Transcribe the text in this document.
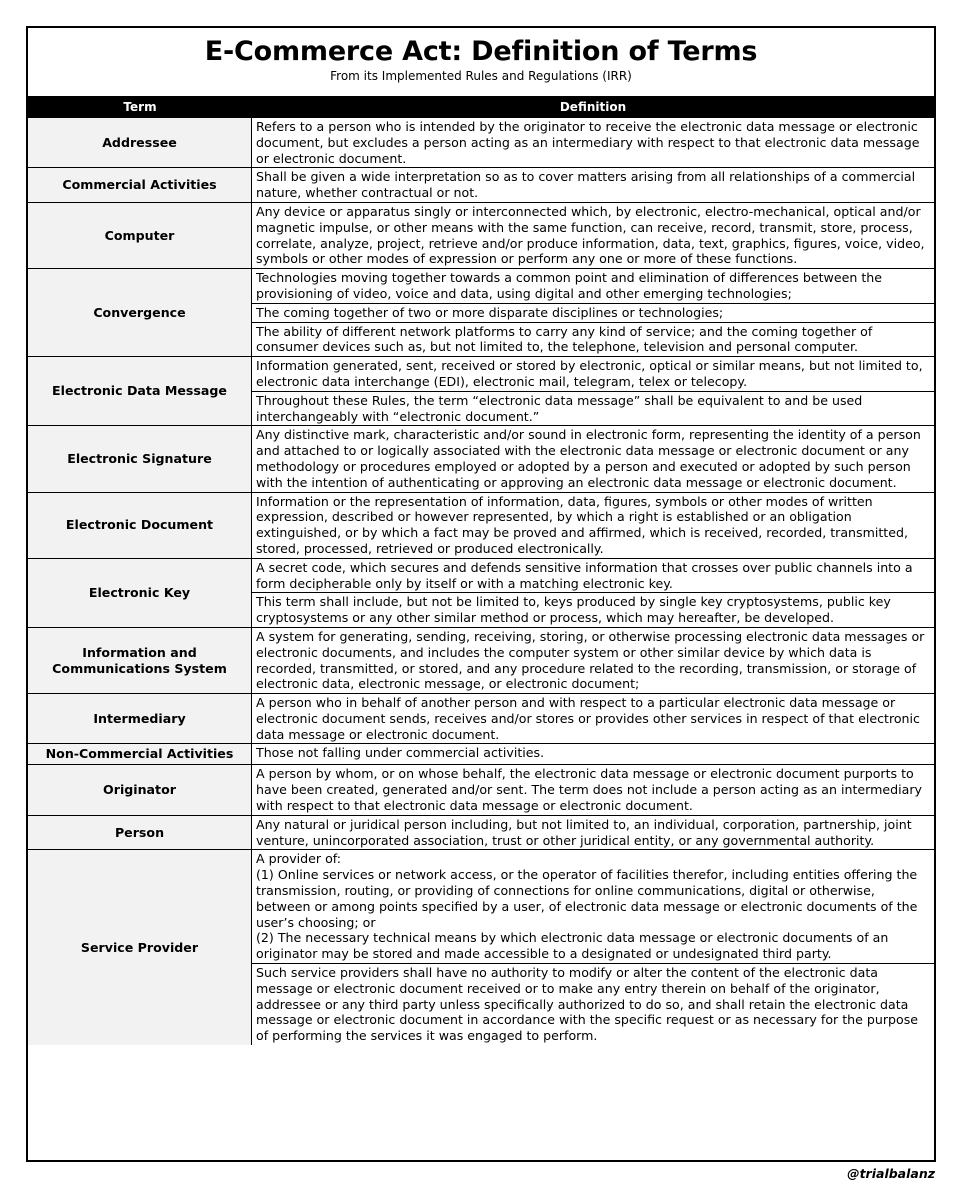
E-Commerce Act: Definition of Terms
From its Implemented Rules and Regulations (IRR)
Term	Definition
Addressee
Refers to a person who is intended by the originator to receive the electronic data message or electronic document, but excludes a person acting as an intermediary with respect to that electronic data message or electronic document.
Commercial Activities
Shall be given a wide interpretation so as to cover matters arising from all relationships of a commercial nature, whether contractual or not.
Computer
Any device or apparatus singly or interconnected which, by electronic, electro-mechanical, optical and/or magnetic impulse, or other means with the same function, can receive, record, transmit, store, process, correlate, analyze, project, retrieve and/or produce information, data, text, graphics, figures, voice, video, symbols or other modes of expression or perform any one or more of these functions.
Convergence
Technologies moving together towards a common point and elimination of differences between the provisioning of video, voice and data, using digital and other emerging technologies;
The coming together of two or more disparate disciplines or technologies;
The ability of different network platforms to carry any kind of service; and the coming together of consumer devices such as, but not limited to, the telephone, television and personal computer.
Electronic Data Message
Information generated, sent, received or stored by electronic, optical or similar means, but not limited to, electronic data interchange (EDI), electronic mail, telegram, telex or telecopy.
Throughout these Rules, the term “electronic data message” shall be equivalent to and be used interchangeably with “electronic document.”
Electronic Signature
Any distinctive mark, characteristic and/or sound in electronic form, representing the identity of a person and attached to or logically associated with the electronic data message or electronic document or any methodology or procedures employed or adopted by a person and executed or adopted by such person with the intention of authenticating or approving an electronic data message or electronic document.
Electronic Document
Information or the representation of information, data, figures, symbols or other modes of written expression, described or however represented, by which a right is established or an obligation extinguished, or by which a fact may be proved and affirmed, which is received, recorded, transmitted, stored, processed, retrieved or produced electronically.
Electronic Key
A secret code, which secures and defends sensitive information that crosses over public channels into a form decipherable only by itself or with a matching electronic key.
This term shall include, but not be limited to, keys produced by single key cryptosystems, public key cryptosystems or any other similar method or process, which may hereafter, be developed.
Information and Communications System
A system for generating, sending, receiving, storing, or otherwise processing electronic data messages or electronic documents, and includes the computer system or other similar device by which data is recorded, transmitted, or stored, and any procedure related to the recording, transmission, or storage of electronic data, electronic message, or electronic document;
Intermediary
A person who in behalf of another person and with respect to a particular electronic data message or electronic document sends, receives and/or stores or provides other services in respect of that electronic data message or electronic document.
Non-Commercial Activities	Those not falling under commercial activities.
Originator
A person by whom, or on whose behalf, the electronic data message or electronic document purports to have been created, generated and/or sent. The term does not include a person acting as an intermediary with respect to that electronic data message or electronic document.
Person
Any natural or juridical person including, but not limited to, an individual, corporation, partnership, joint venture, unincorporated association, trust or other juridical entity, or any governmental authority.
Service Provider
A provider of:
(1) Online services or network access, or the operator of facilities therefor, including entities offering the transmission, routing, or providing of connections for online communications, digital or otherwise, between or among points specified by a user, of electronic data message or electronic documents of the user’s choosing; or
(2) The necessary technical means by which electronic data message or electronic documents of an originator may be stored and made accessible to a designated or undesignated third party.
Such service providers shall have no authority to modify or alter the content of the electronic data message or electronic document received or to make any entry therein on behalf of the originator, addressee or any third party unless specifically authorized to do so, and shall retain the electronic data message or electronic document in accordance with the specific request or as necessary for the purpose of performing the services it was engaged to perform.
@trialbalanz
